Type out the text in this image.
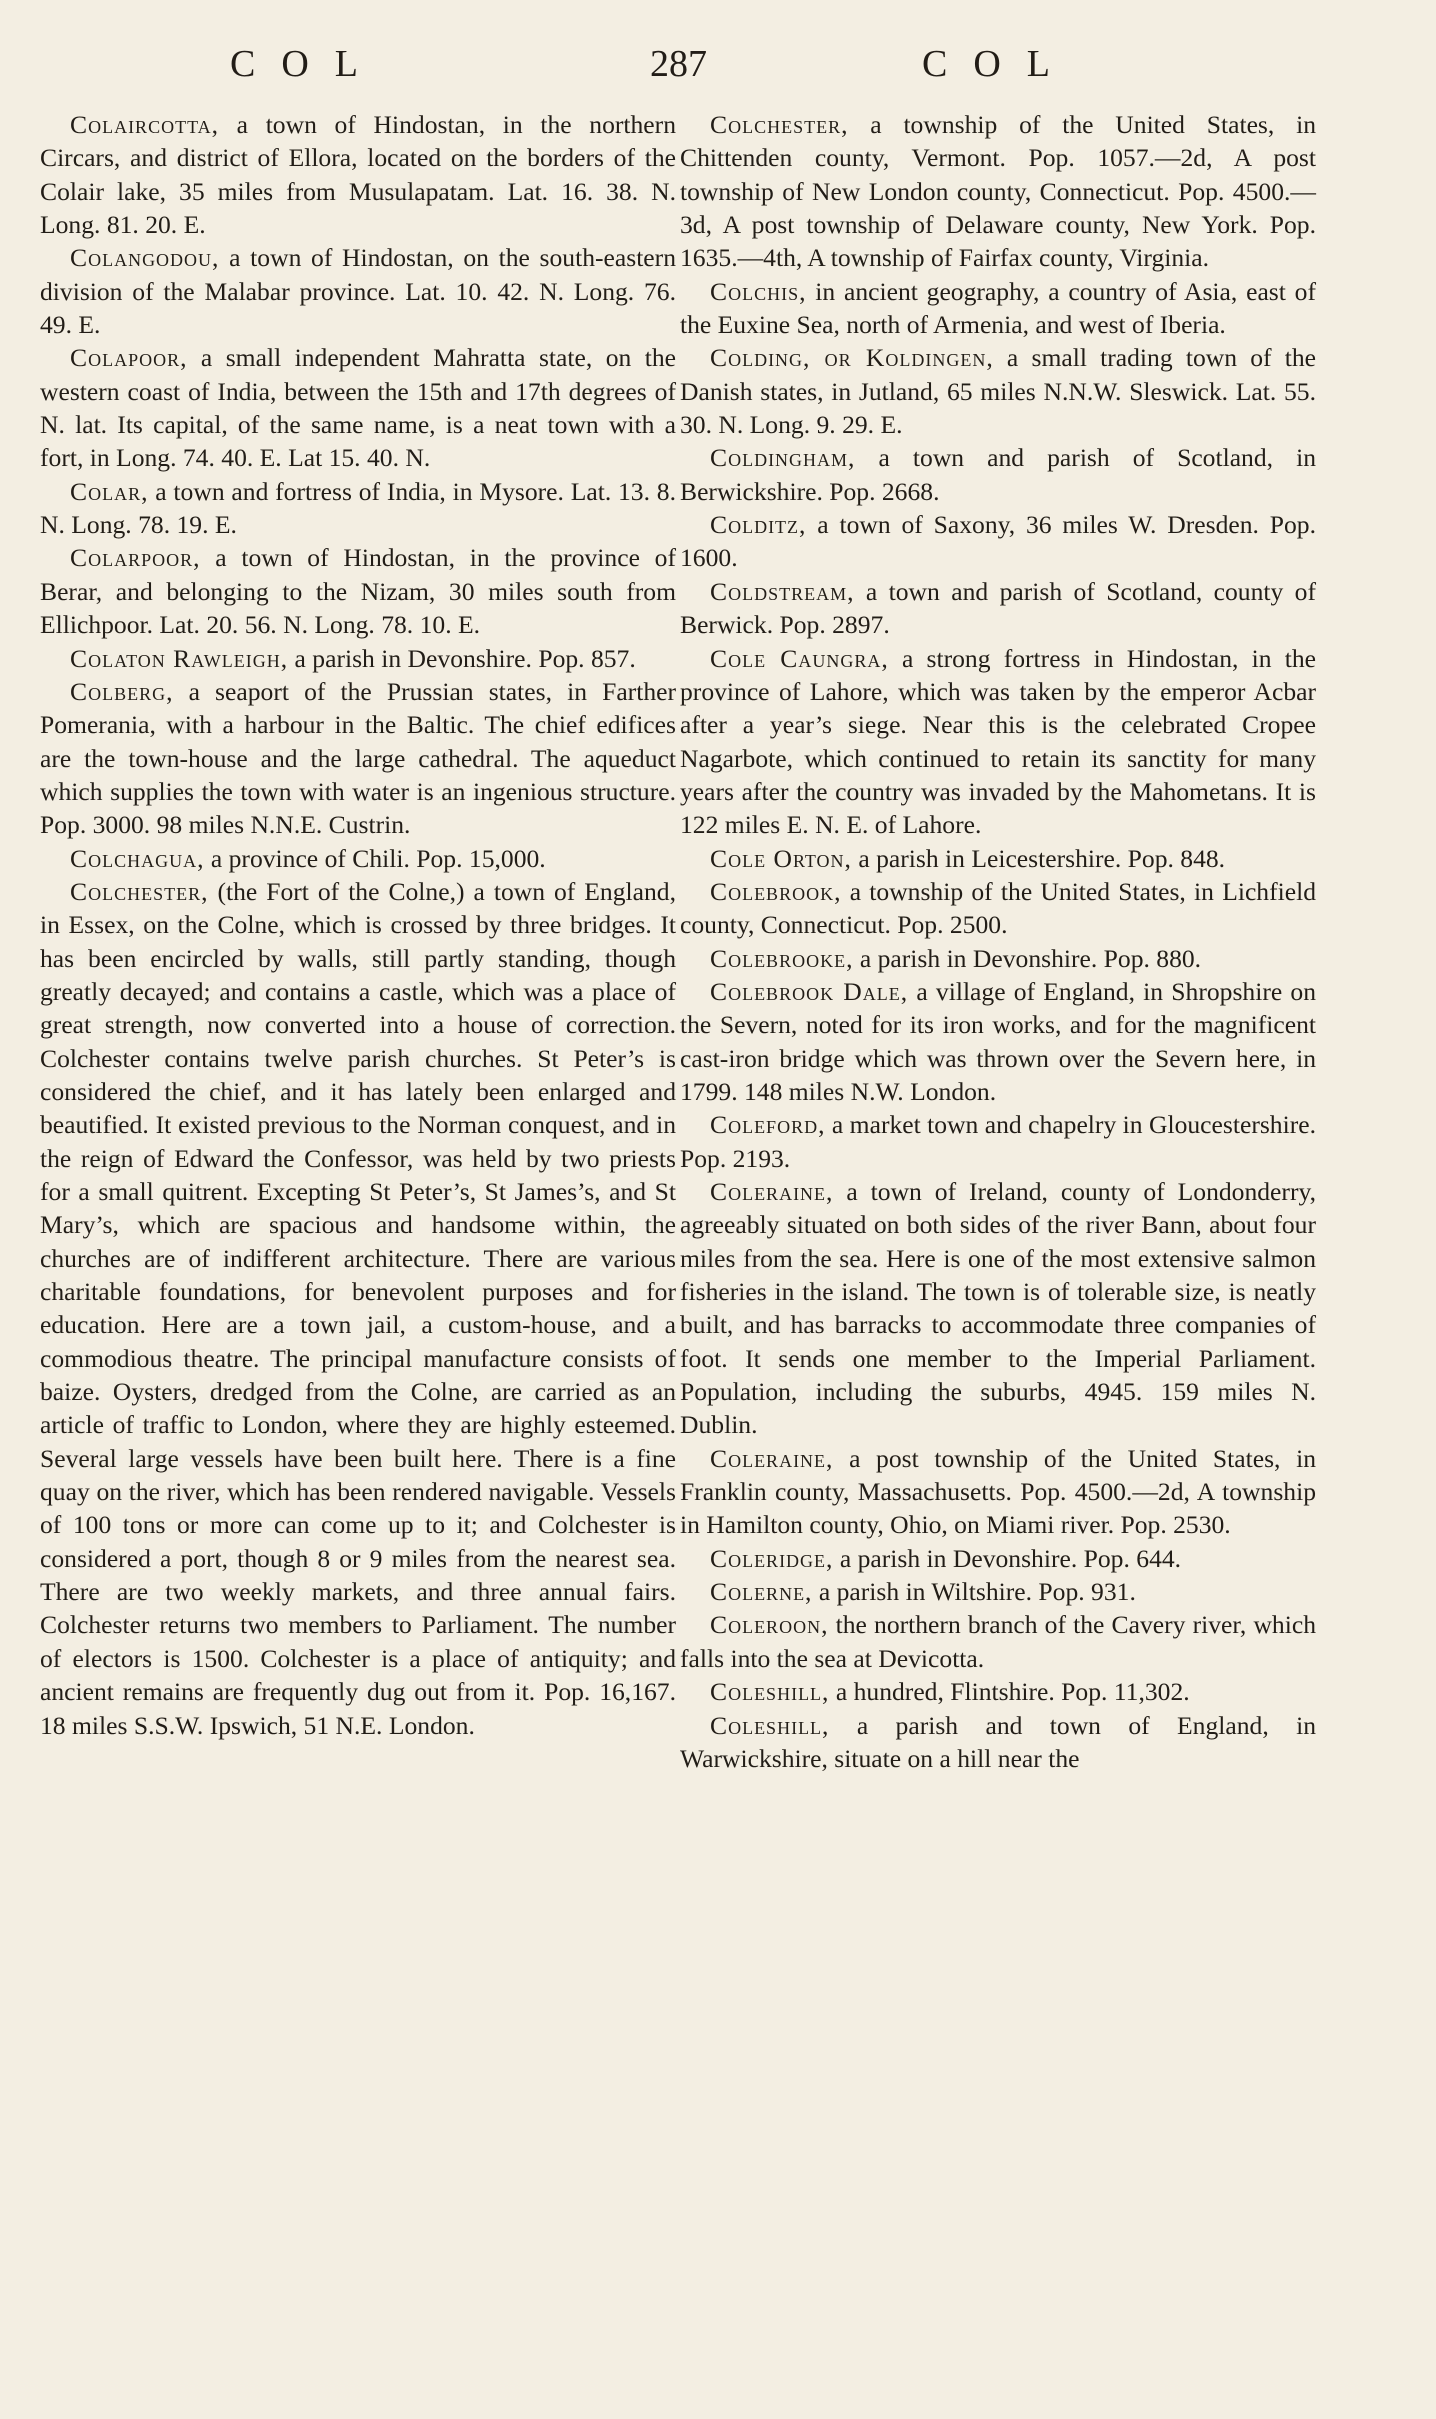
COL	287	COL

Colaircotta, a town of Hindostan, in the northern Circars, and district of Ellora, located on the borders of the Colair lake, 35 miles from Musulapatam. Lat. 16. 38. N. Long. 81. 20. E.

Colangodou, a town of Hindostan, on the south-eastern division of the Malabar province. Lat. 10. 42. N. Long. 76. 49. E.

Colapoor, a small independent Mahratta state, on the western coast of India, between the 15th and 17th degrees of N. lat. Its capital, of the same name, is a neat town with a fort, in Long. 74. 40. E. Lat 15. 40. N.

Colar, a town and fortress of India, in Mysore. Lat. 13. 8. N. Long. 78. 19. E.

Colarpoor, a town of Hindostan, in the province of Berar, and belonging to the Nizam, 30 miles south from Ellichpoor. Lat. 20. 56. N. Long. 78. 10. E.

Colaton Rawleigh, a parish in Devonshire. Pop. 857.

Colberg, a seaport of the Prussian states, in Farther Pomerania, with a harbour in the Baltic. The chief edifices are the town-house and the large cathedral. The aqueduct which supplies the town with water is an ingenious structure. Pop. 3000. 98 miles N.N.E. Custrin.

Colchagua, a province of Chili. Pop. 15,000.

Colchester, (the Fort of the Colne,) a town of England, in Essex, on the Colne, which is crossed by three bridges. It has been encircled by walls, still partly standing, though greatly decayed; and contains a castle, which was a place of great strength, now converted into a house of correction. Colchester contains twelve parish churches. St Peter’s is considered the chief, and it has lately been enlarged and beautified. It existed previous to the Norman conquest, and in the reign of Edward the Confessor, was held by two priests for a small quitrent. Excepting St Peter’s, St James’s, and St Mary’s, which are spacious and handsome within, the churches are of indifferent architecture. There are various charitable foundations, for benevolent purposes and for education. Here are a town jail, a custom-house, and a commodious theatre. The principal manufacture consists of baize. Oysters, dredged from the Colne, are carried as an article of traffic to London, where they are highly esteemed. Several large vessels have been built here. There is a fine quay on the river, which has been rendered navigable. Vessels of 100 tons or more can come up to it; and Colchester is considered a port, though 8 or 9 miles from the nearest sea. There are two weekly markets, and three annual fairs. Colchester returns two members to Parliament. The number of electors is 1500. Colchester is a place of antiquity; and ancient remains are frequently dug out from it. Pop. 16,167. 18 miles S.S.W. Ipswich, 51 N.E. London.

Colchester, a township of the United States, in Chittenden county, Vermont. Pop. 1057.—2d, A post township of New London county, Connecticut. Pop. 4500.—3d, A post township of Delaware county, New York. Pop. 1635.—4th, A township of Fairfax county, Virginia.

Colchis, in ancient geography, a country of Asia, east of the Euxine Sea, north of Armenia, and west of Iberia.

Colding, or Koldingen, a small trading town of the Danish states, in Jutland, 65 miles N.N.W. Sleswick. Lat. 55. 30. N. Long. 9. 29. E.

Coldingham, a town and parish of Scotland, in Berwickshire. Pop. 2668.

Colditz, a town of Saxony, 36 miles W. Dresden. Pop. 1600.

Coldstream, a town and parish of Scotland, county of Berwick. Pop. 2897.

Cole Caungra, a strong fortress in Hindostan, in the province of Lahore, which was taken by the emperor Acbar after a year’s siege. Near this is the celebrated Cropee Nagarbote, which continued to retain its sanctity for many years after the country was invaded by the Mahometans. It is 122 miles E. N. E. of Lahore.

Cole Orton, a parish in Leicestershire. Pop. 848.

Colebrook, a township of the United States, in Lichfield county, Connecticut. Pop. 2500.

Colebrooke, a parish in Devonshire. Pop. 880.

Colebrook Dale, a village of England, in Shropshire on the Severn, noted for its iron works, and for the magnificent cast-iron bridge which was thrown over the Severn here, in 1799. 148 miles N.W. London.

Coleford, a market town and chapelry in Gloucestershire. Pop. 2193.

Coleraine, a town of Ireland, county of Londonderry, agreeably situated on both sides of the river Bann, about four miles from the sea. Here is one of the most extensive salmon fisheries in the island. The town is of tolerable size, is neatly built, and has barracks to accommodate three companies of foot. It sends one member to the Imperial Parliament. Population, including the suburbs, 4945. 159 miles N. Dublin.

Coleraine, a post township of the United States, in Franklin county, Massachusetts. Pop. 4500.—2d, A township in Hamilton county, Ohio, on Miami river. Pop. 2530.

Coleridge, a parish in Devonshire. Pop. 644.

Colerne, a parish in Wiltshire. Pop. 931.

Coleroon, the northern branch of the Cavery river, which falls into the sea at Devicotta.

Coleshill, a hundred, Flintshire. Pop. 11,302.

Coleshill, a parish and town of England, in Warwickshire, situate on a hill near the
